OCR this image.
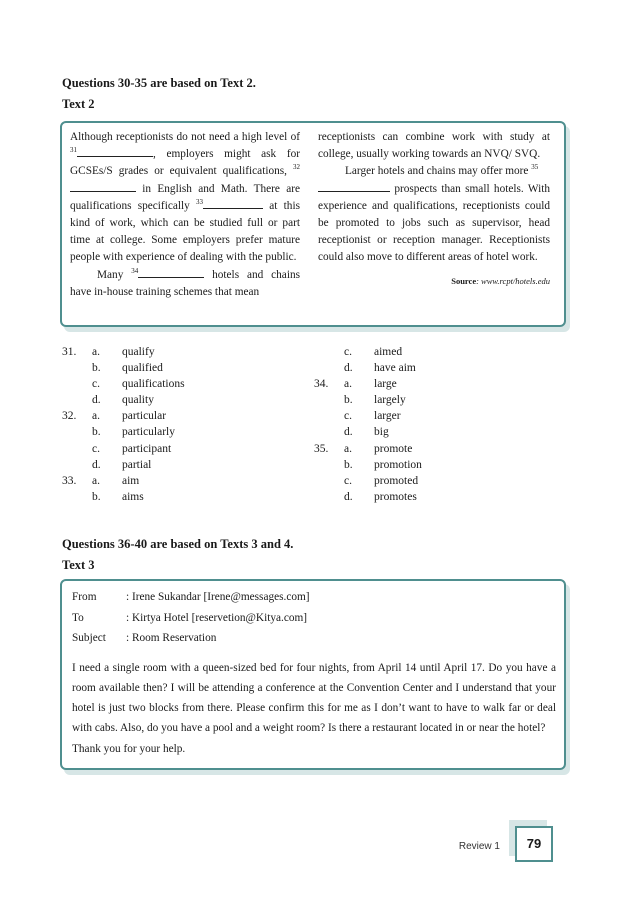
Questions 30-35 are based on Text 2.
Text 2

Although receptionists do not need a high level of $^{31}$	, employers might ask for GCSEs/S grades or equivalent qualifications, $^{32}$ in English and Math. There are qualifications specifically $^{33}$	at this kind of work, which can be studied full or part time at college. Some employers prefer mature people with experience of dealing with the public.

Many $^{34}$	hotels and chains have in-house training schemes that mean

receptionists can combine work with study at college, usually working towards an NVQ/ SVQ.

Larger hotels and chains may offer more $^{35}$
prospects than small hotels. With experience and qualifications, receptionists could be promoted to jobs such as supervisor, head receptionist or reception manager. Receptionists could also move to different areas of hotel work.

Source: www.rcpt/hotels.edu
31.	a.	qualify
b.	qualified
c.	qualifications
d.	quality
32.	a.	particular
b.	particularly
c.	participant
d.	partial
33.	a.	aim
b.	aims
c.	aimed
d.	have aim
34.	a.	large
b.	largely
c.	larger
d.	big
35.	a.	promote
b.	promotion
c.	promoted
d.	promotes
Questions 36-40 are based on Texts 3 and 4.
Text 3
From	: Irene Sukandar [Irene@messages.com]
To	: Kirtya Hotel [reservetion@Kitya.com]
Subject	: Room Reservation
I need a single room with a queen-sized bed for four nights, from April 14 until April 17. Do you have a room available then? I will be attending a conference at the Convention Center and I understand that your hotel is just two blocks from there. Please confirm this for me as I don’t want to have to walk far or deal with cabs. Also, do you have a pool and a weight room? Is there a restaurant located in or near the hotel?
Thank you for your help.
Review 1	79
